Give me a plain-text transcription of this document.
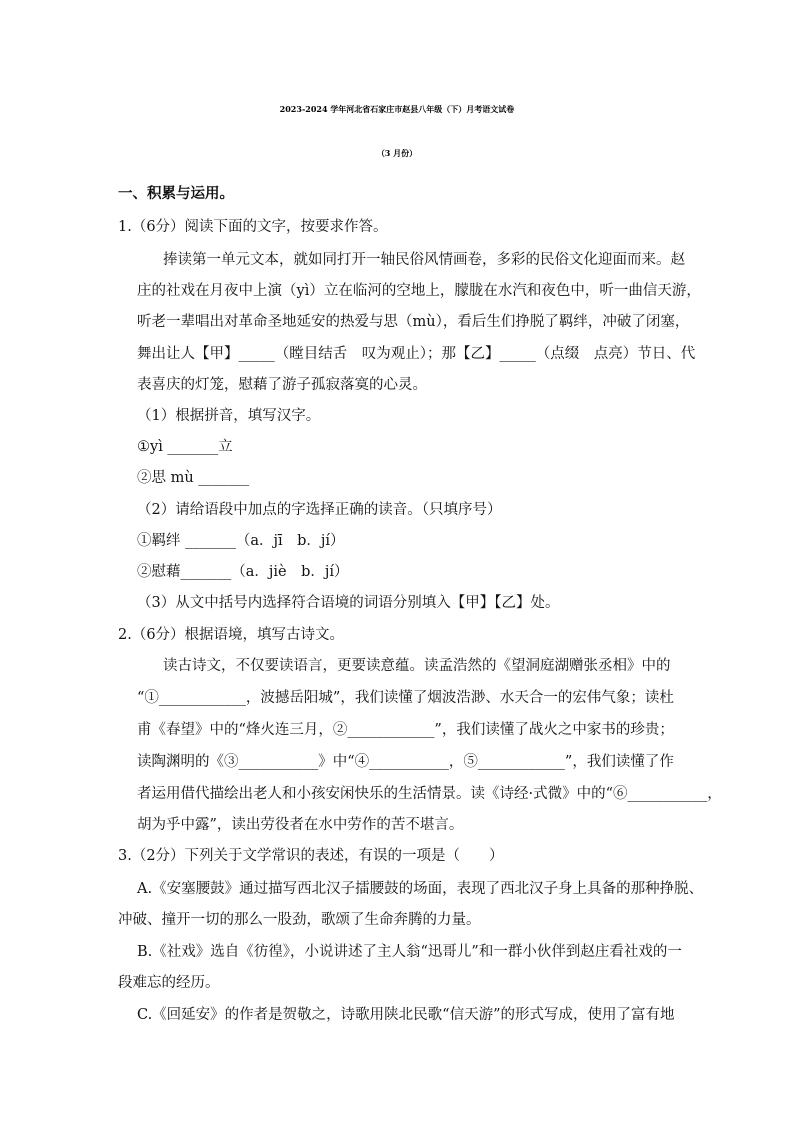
2023-2024 学年河北省石家庄市赵县八年级（下）月考语文试卷
（3 月份）
一、积累与运用。
1.（6分）阅读下面的文字，按要求作答。
捧读第一单元文本，就如同打开一轴民俗风情画卷，多彩的民俗文化迎面而来。赵
庄的社戏在月夜中上演（yì）立在临河的空地上，朦胧在水汽和夜色中，听一曲信天游，
听老一辈唱出对革命圣地延安的热爱与思（mù），看后生们挣脱了羁绊，冲破了闭塞，
舞出让人【甲】_____（瞠目结舌　叹为观止）；那【乙】_____（点缀　点亮）节日、代
表喜庆的灯笼，慰藉了游子孤寂落寞的心灵。
（1）根据拼音，填写汉字。
①yì _______立
②思 mù _______
（2）请给语段中加点的字选择正确的读音。（只填序号）
①羁绊 _______（a．jī　b．jí）
②慰藉_______（a．jiè　b．jí）
（3）从文中括号内选择符合语境的词语分别填入【甲】【乙】处。
2.（6分）根据语境，填写古诗文。
读古诗文，不仅要读语言，更要读意蕴。读孟浩然的《望洞庭湖赠张丞相》中的
“①____________，波撼岳阳城”，我们读懂了烟波浩渺、水天合一的宏伟气象；读杜
甫《春望》中的“烽火连三月，②____________”，我们读懂了战火之中家书的珍贵；
读陶渊明的《③___________》中“④___________，⑤____________”，我们读懂了作
者运用借代描绘出老人和小孩安闲快乐的生活情景。读《诗经·式微》中的“⑥___________，
胡为乎中露”，读出劳役者在水中劳作的苦不堪言。
3.（2分）下列关于文学常识的表述，有误的一项是（　　）
A.《安塞腰鼓》通过描写西北汉子擂腰鼓的场面，表现了西北汉子身上具备的那种挣脱、
冲破、撞开一切的那么一股劲，歌颂了生命奔腾的力量。
B.《社戏》选自《彷徨》，小说讲述了主人翁“迅哥儿”和一群小伙伴到赵庄看社戏的一
段难忘的经历。
C.《回延安》的作者是贺敬之，诗歌用陕北民歌“信天游”的形式写成，使用了富有地
